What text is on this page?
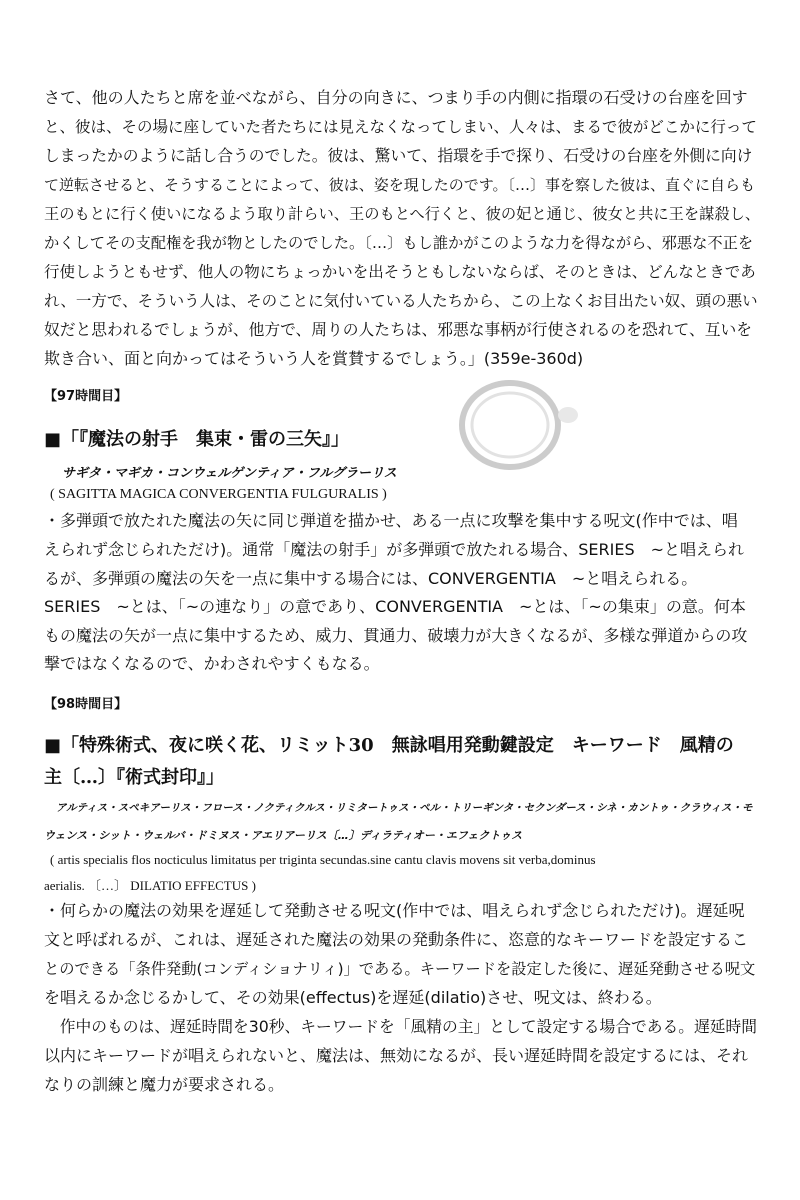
さて、他の人たちと席を並べながら、自分の向きに、つまり手の内側に指環の石受けの台座を回す
と、彼は、その場に座していた者たちには見えなくなってしまい、人々は、まるで彼がどこかに行って
しまったかのように話し合うのでした。彼は、驚いて、指環を手で探り、石受けの台座を外側に向け
て逆転させると、そうすることによって、彼は、姿を現したのです。〔…〕事を察した彼は、直ぐに自らも
王のもとに行く使いになるよう取り計らい、王のもとへ行くと、彼の妃と通じ、彼女と共に王を謀殺し、
かくしてその支配権を我が物としたのでした。〔…〕もし誰かがこのような力を得ながら、邪悪な不正を
行使しようともせず、他人の物にちょっかいを出そうともしないならば、そのときは、どんなときであ
れ、一方で、そういう人は、そのことに気付いている人たちから、この上なくお目出たい奴、頭の悪い
奴だと思われるでしょうが、他方で、周りの人たちは、邪悪な事柄が行使されるのを恐れて、互いを
欺き合い、面と向かってはそういう人を賞賛するでしょう。」(359e-360d)
【97時間目】
■「『魔法の射手　集束・雷の三矢』」
サギタ・マギカ・コンウェルゲンティア・フルグラーリス
( SAGITTA MAGICA CONVERGENTIA FULGURALIS )
・多弾頭で放たれた魔法の矢に同じ弾道を描かせ、ある一点に攻撃を集中する呪文(作中では、唱
えられず念じられただけ)。通常「魔法の射手」が多弾頭で放たれる場合、SERIES　~と唱えられ
るが、多弾頭の魔法の矢を一点に集中する場合には、CONVERGENTIA　~と唱えられる。
SERIES　~とは、「~の連なり」の意であり、CONVERGENTIA　~とは、「~の集束」の意。何本
もの魔法の矢が一点に集中するため、威力、貫通力、破壊力が大きくなるが、多様な弾道からの攻
撃ではなくなるので、かわされやすくもなる。
【98時間目】
■「特殊術式、夜に咲く花、リミット30　無詠唱用発動鍵設定　キーワード　風精の
主〔…〕『術式封印』」
アルティス・スペキアーリス・フロース・ノクティクルス・リミタートゥス・ペル・トリーギンタ・セクンダース・シネ・カントゥ・クラウィス・モ
ウェンス・シット・ウェルバ・ドミヌス・アエリアーリス〔…〕ディラティオー・エフェクトゥス
( artis specialis flos nocticulus limitatus per triginta secundas.sine cantu clavis movens sit verba,dominus
aerialis. 〔…〕 DILATIO EFFECTUS )
・何らかの魔法の効果を遅延して発動させる呪文(作中では、唱えられず念じられただけ)。遅延呪
文と呼ばれるが、これは、遅延された魔法の効果の発動条件に、恣意的なキーワードを設定するこ
とのできる「条件発動(コンディショナリィ)」である。キーワードを設定した後に、遅延発動させる呪文
を唱えるか念じるかして、その効果(effectus)を遅延(dilatio)させ、呪文は、終わる。
　作中のものは、遅延時間を30秒、キーワードを「風精の主」として設定する場合である。遅延時間
以内にキーワードが唱えられないと、魔法は、無効になるが、長い遅延時間を設定するには、それ
なりの訓練と魔力が要求される。
